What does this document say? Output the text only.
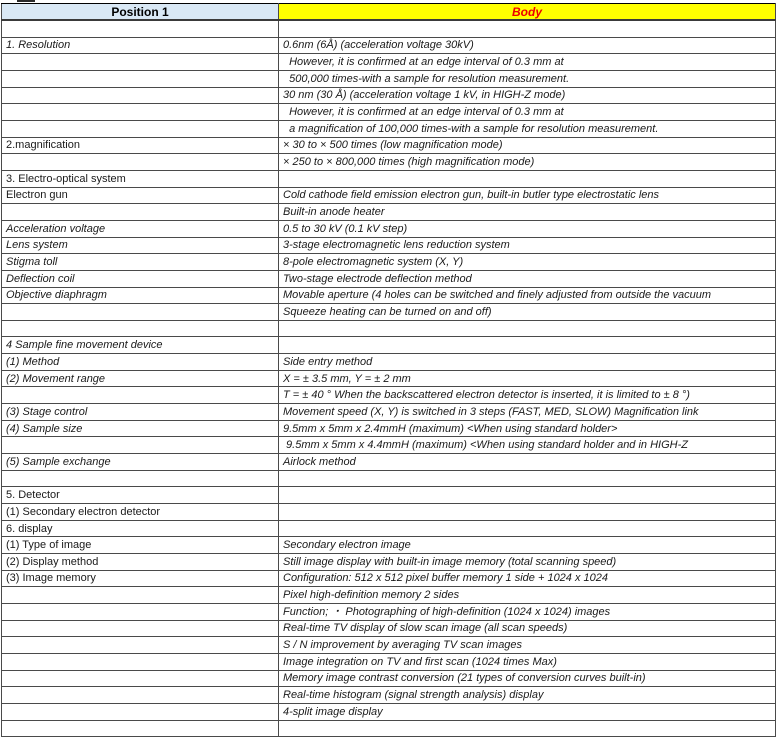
Position 1	Body

1. Resolution	0.6nm (6Å) (acceleration voltage 30kV)
	However, it is confirmed at an edge interval of 0.3 mm at
	500,000 times-with a sample for resolution measurement.
	30 nm (30 Å) (acceleration voltage 1 kV, in HIGH-Z mode)
	However, it is confirmed at an edge interval of 0.3 mm at
	a magnification of 100,000 times-with a sample for resolution measurement.
2.magnification	× 30 to × 500 times (low magnification mode)
	× 250 to × 800,000 times (high magnification mode)
3. Electro-optical system	
Electron gun	Cold cathode field emission electron gun, built-in butler type electrostatic lens
	Built-in anode heater
Acceleration voltage	0.5 to 30 kV (0.1 kV step)
Lens system	3-stage electromagnetic lens reduction system
Stigma toll	8-pole electromagnetic system (X, Y)
Deflection coil	Two-stage electrode deflection method
Objective diaphragm	Movable aperture (4 holes can be switched and finely adjusted from outside the vacuum
	Squeeze heating can be turned on and off)

4 Sample fine movement device	
(1) Method	Side entry method
(2) Movement range	X = ± 3.5 mm, Y = ± 2 mm
	T = ± 40 ° When the backscattered electron detector is inserted, it is limited to ± 8 °)
(3) Stage control	Movement speed (X, Y) is switched in 3 steps (FAST, MED, SLOW) Magnification link
(4) Sample size	9.5mm x 5mm x 2.4mmH (maximum) <When using standard holder>
	9.5mm x 5mm x 4.4mmH (maximum) <When using standard holder and in HIGH-Z
(5) Sample exchange	Airlock method

5. Detector	
(1) Secondary electron detector	
6. display	
(1) Type of image	Secondary electron image
(2) Display method	Still image display with built-in image memory (total scanning speed)
(3) Image memory	Configuration: 512 x 512 pixel buffer memory 1 side + 1024 x 1024
	Pixel high-definition memory 2 sides
	Function; ・ Photographing of high-definition (1024 x 1024) images
	Real-time TV display of slow scan image (all scan speeds)
	S / N improvement by averaging TV scan images
	Image integration on TV and first scan (1024 times Max)
	Memory image contrast conversion (21 types of conversion curves built-in)
	Real-time histogram (signal strength analysis) display
	4-split image display
